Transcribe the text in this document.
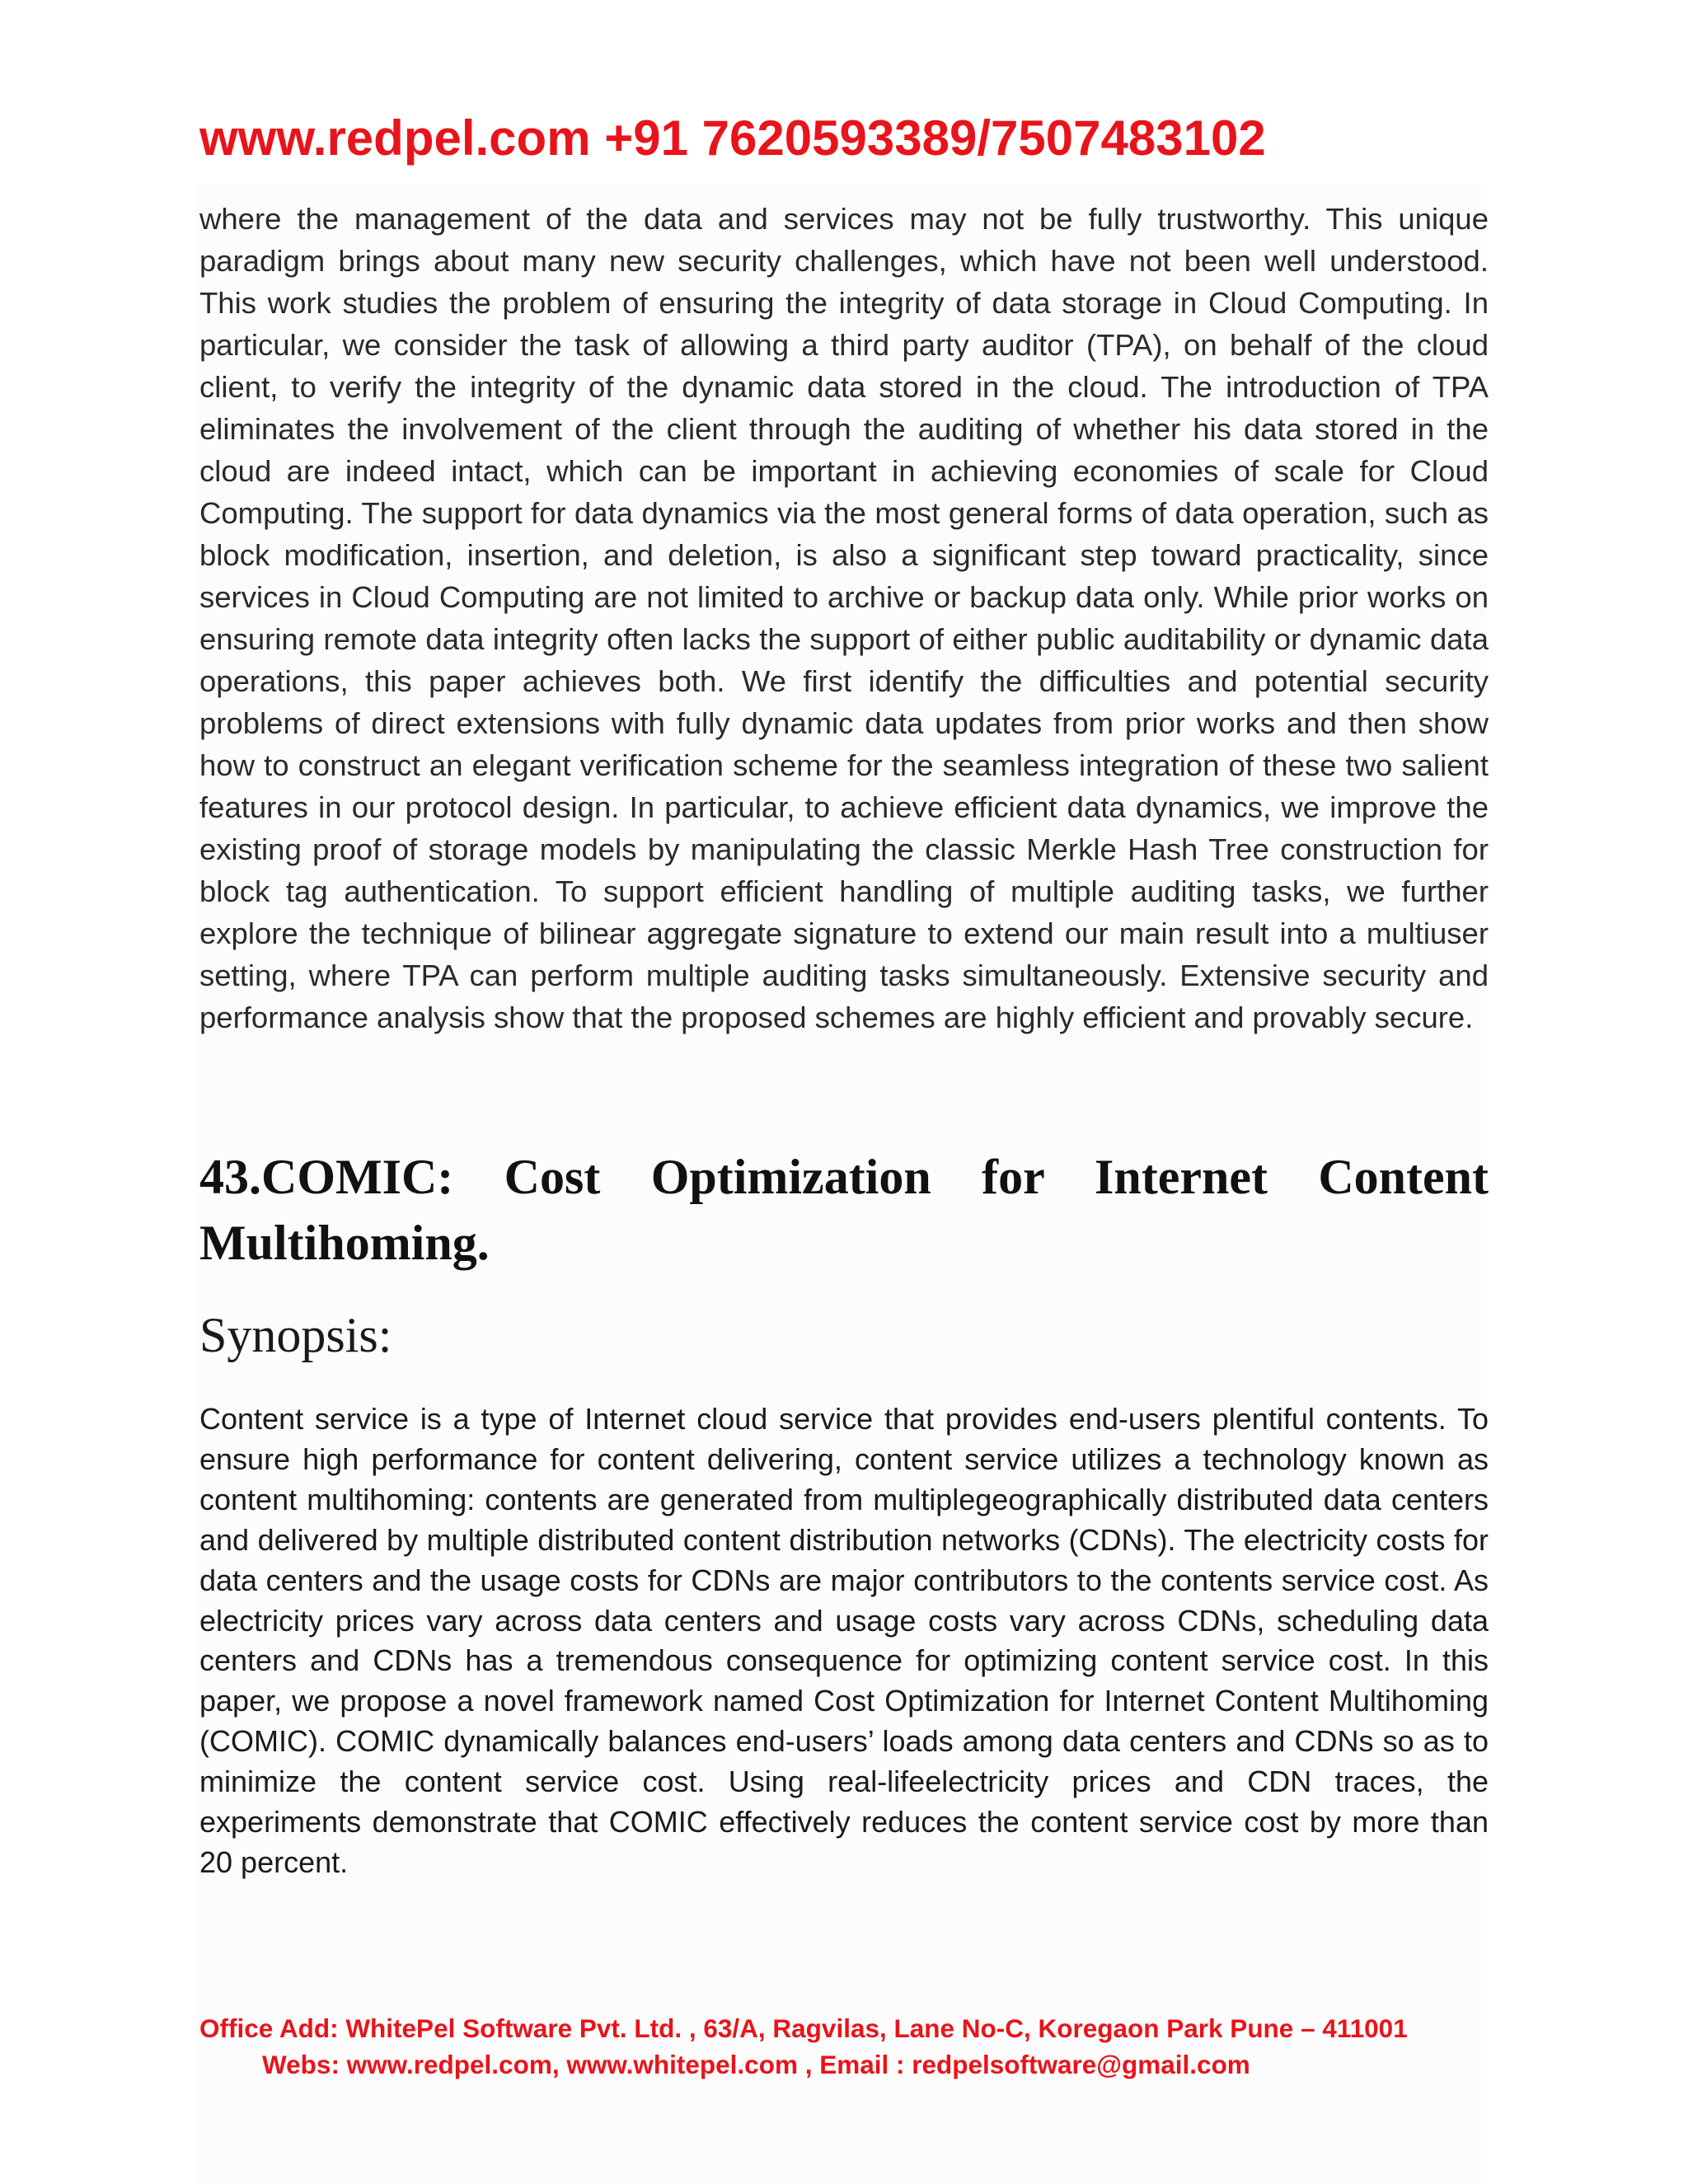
www.redpel.com +91 7620593389/7507483102

where the management of the data and services may not be fully trustworthy. This unique paradigm brings about many new security challenges, which have not been well understood. This work studies the problem of ensuring the integrity of data storage in Cloud Computing. In particular, we consider the task of allowing a third party auditor (TPA), on behalf of the cloud client, to verify the integrity of the dynamic data stored in the cloud. The introduction of TPA eliminates the involvement of the client through the auditing of whether his data stored in the cloud are indeed intact, which can be important in achieving economies of scale for Cloud Computing. The support for data dynamics via the most general forms of data operation, such as block modification, insertion, and deletion, is also a significant step toward practicality, since services in Cloud Computing are not limited to archive or backup data only. While prior works on ensuring remote data integrity often lacks the support of either public auditability or dynamic data operations, this paper achieves both. We first identify the difficulties and potential security problems of direct extensions with fully dynamic data updates from prior works and then show how to construct an elegant verification scheme for the seamless integration of these two salient features in our protocol design. In particular, to achieve efficient data dynamics, we improve the existing proof of storage models by manipulating the classic Merkle Hash Tree construction for block tag authentication. To support efficient handling of multiple auditing tasks, we further explore the technique of bilinear aggregate signature to extend our main result into a multiuser setting, where TPA can perform multiple auditing tasks simultaneously. Extensive security and performance analysis show that the proposed schemes are highly efficient and provably secure.

43.COMIC: Cost Optimization for Internet Content Multihoming.
Synopsis:

Content service is a type of Internet cloud service that provides end-users plentiful contents. To ensure high performance for content delivering, content service utilizes a technology known as content multihoming: contents are generated from multiplegeographically distributed data centers and delivered by multiple distributed content distribution networks (CDNs). The electricity costs for data centers and the usage costs for CDNs are major contributors to the contents service cost. As electricity prices vary across data centers and usage costs vary across CDNs, scheduling data centers and CDNs has a tremendous consequence for optimizing content service cost. In this paper, we propose a novel framework named Cost Optimization for Internet Content Multihoming (COMIC). COMIC dynamically balances end-users’ loads among data centers and CDNs so as to minimize the content service cost. Using real-lifeelectricity prices and CDN traces, the experiments demonstrate that COMIC effectively reduces the content service cost by more than 20 percent.

Office Add: WhitePel Software Pvt. Ltd. , 63/A, Ragvilas, Lane No-C, Koregaon Park Pune – 411001

Webs: www.redpel.com, www.whitepel.com , Email : redpelsoftware@gmail.com
